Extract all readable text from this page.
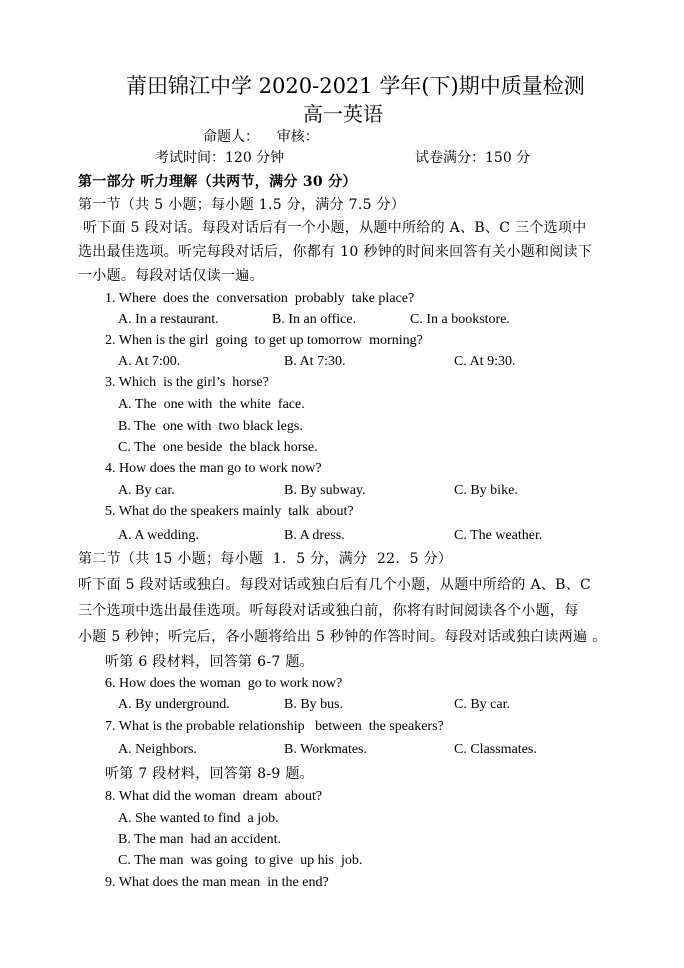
莆田锦江中学 2020-2021 学年(下)期中质量检测
高一英语
命题人：    审核：
考试时间：120 分钟	试卷满分：150 分
第一部分 听力理解（共两节，满分 30 分）
第一节（共 5 小题；每小题 1.5 分，满分 7.5 分）
听下面 5 段对话。每段对话后有一个小题，从题中所给的 A、B、C 三个选项中
选出最佳选项。听完每段对话后，你都有 10 秒钟的时间来回答有关小题和阅读下
一小题。每段对话仅读一遍。
1. Where  does the  conversation  probably  take place?
A. In a restaurant.	B. In an office.	C. In a bookstore.
2. When is the girl  going  to get up tomorrow  morning?
A. At 7:00.	B. At 7:30.	C. At 9:30.
3. Which  is the girl’s  horse?
A. The  one with  the white  face.
B. The  one with  two black legs.
C. The  one beside  the black horse.
4. How does the man go to work now?
A. By car.	B. By subway.	C. By bike.
5. What do the speakers mainly  talk  about?
A. A wedding.	B. A dress.	C. The weather.
第二节（共 15 小题；每小题  1．5 分，满分  22．5 分）
听下面 5 段对话或独白。每段对话或独白后有几个小题，从题中所给的 A、B、C
三个选项中选出最佳选项。听每段对话或独白前，你将有时间阅读各个小题，每
小题 5 秒钟；听完后，各小题将给出 5 秒钟的作答时间。每段对话或独白读两遍 。
听第 6 段材料，回答第 6-7 题。
6. How does the woman  go to work now?
A. By underground.	B. By bus.	C. By car.
7. What is the probable relationship   between  the speakers?
A. Neighbors.	B. Workmates.	C. Classmates.
听第 7 段材料，回答第 8-9 题。
8. What did the woman  dream  about?
A. She wanted to find  a job.
B. The man  had an accident.
C. The man  was going  to give  up his  job.
9. What does the man mean  in the end?
